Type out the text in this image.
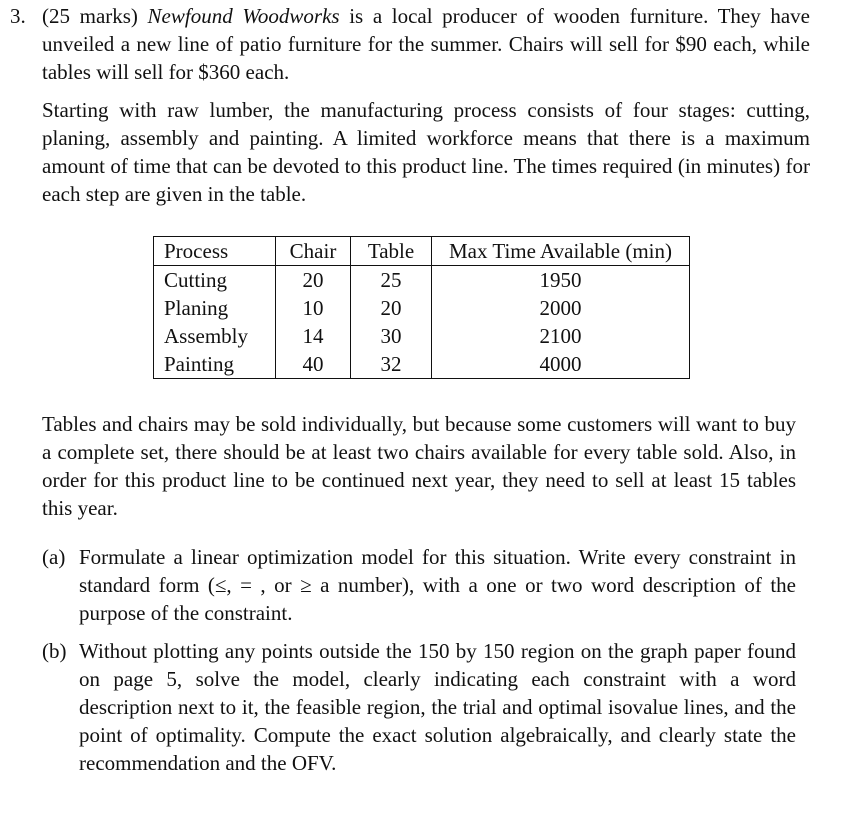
3. (25 marks) Newfound Woodworks is a local producer of wooden furniture. They have unveiled a new line of patio furniture for the summer. Chairs will sell for $90 each, while tables will sell for $360 each.

Starting with raw lumber, the manufacturing process consists of four stages: cutting, planing, assembly and painting. A limited workforce means that there is a maximum amount of time that can be devoted to this product line. The times required (in minutes) for each step are given in the table.

Process	Chair	Table	Max Time Available (min)
Cutting	20	25	1950
Planing	10	20	2000
Assembly	14	30	2100
Painting	40	32	4000

Tables and chairs may be sold individually, but because some customers will want to buy a complete set, there should be at least two chairs available for every table sold. Also, in order for this product line to be continued next year, they need to sell at least 15 tables this year.

(a) Formulate a linear optimization model for this situation. Write every constraint in standard form (≤, = , or ≥ a number), with a one or two word description of the purpose of the constraint.

(b) Without plotting any points outside the 150 by 150 region on the graph paper found on page 5, solve the model, clearly indicating each constraint with a word description next to it, the feasible region, the trial and optimal isovalue lines, and the point of optimality. Compute the exact solution algebraically, and clearly state the recommendation and the OFV.
